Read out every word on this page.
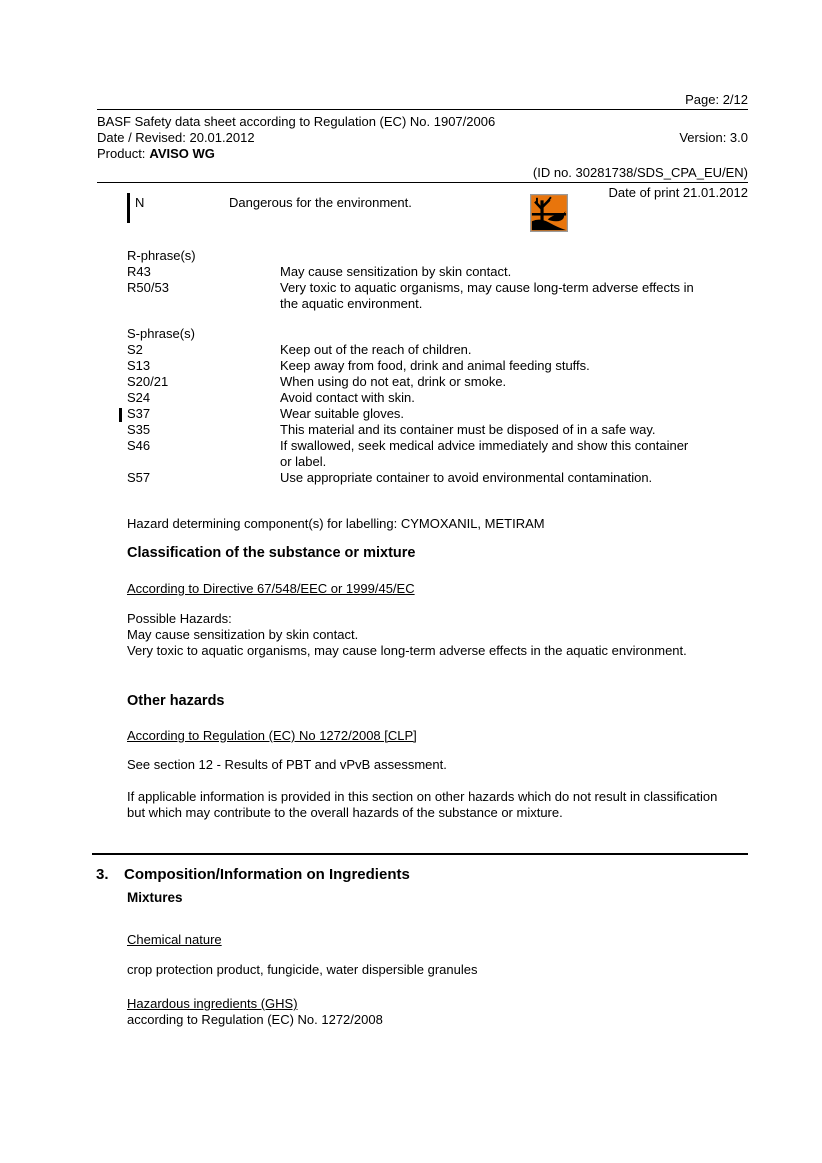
Page: 2/12
BASF Safety data sheet according to Regulation (EC) No. 1907/2006
Date / Revised: 20.01.2012	Version: 3.0
Product: AVISO WG
(ID no. 30281738/SDS_CPA_EU/EN)
Date of print 21.01.2012
N	Dangerous for the environment.
R-phrase(s)
R43	May cause sensitization by skin contact.
R50/53	Very toxic to aquatic organisms, may cause long-term adverse effects in
the aquatic environment.
S-phrase(s)
S2	Keep out of the reach of children.
S13	Keep away from food, drink and animal feeding stuffs.
S20/21	When using do not eat, drink or smoke.
S24	Avoid contact with skin.
S37	Wear suitable gloves.
S35	This material and its container must be disposed of in a safe way.
S46	If swallowed, seek medical advice immediately and show this container
or label.
S57	Use appropriate container to avoid environmental contamination.
Hazard determining component(s) for labelling: CYMOXANIL, METIRAM
Classification of the substance or mixture
According to Directive 67/548/EEC or 1999/45/EC
Possible Hazards:
May cause sensitization by skin contact.
Very toxic to aquatic organisms, may cause long-term adverse effects in the aquatic environment.
Other hazards
According to Regulation (EC) No 1272/2008 [CLP]
See section 12 - Results of PBT and vPvB assessment.
If applicable information is provided in this section on other hazards which do not result in classification
but which may contribute to the overall hazards of the substance or mixture.
3.	Composition/Information on Ingredients
Mixtures
Chemical nature
crop protection product, fungicide, water dispersible granules
Hazardous ingredients (GHS)
according to Regulation (EC) No. 1272/2008
